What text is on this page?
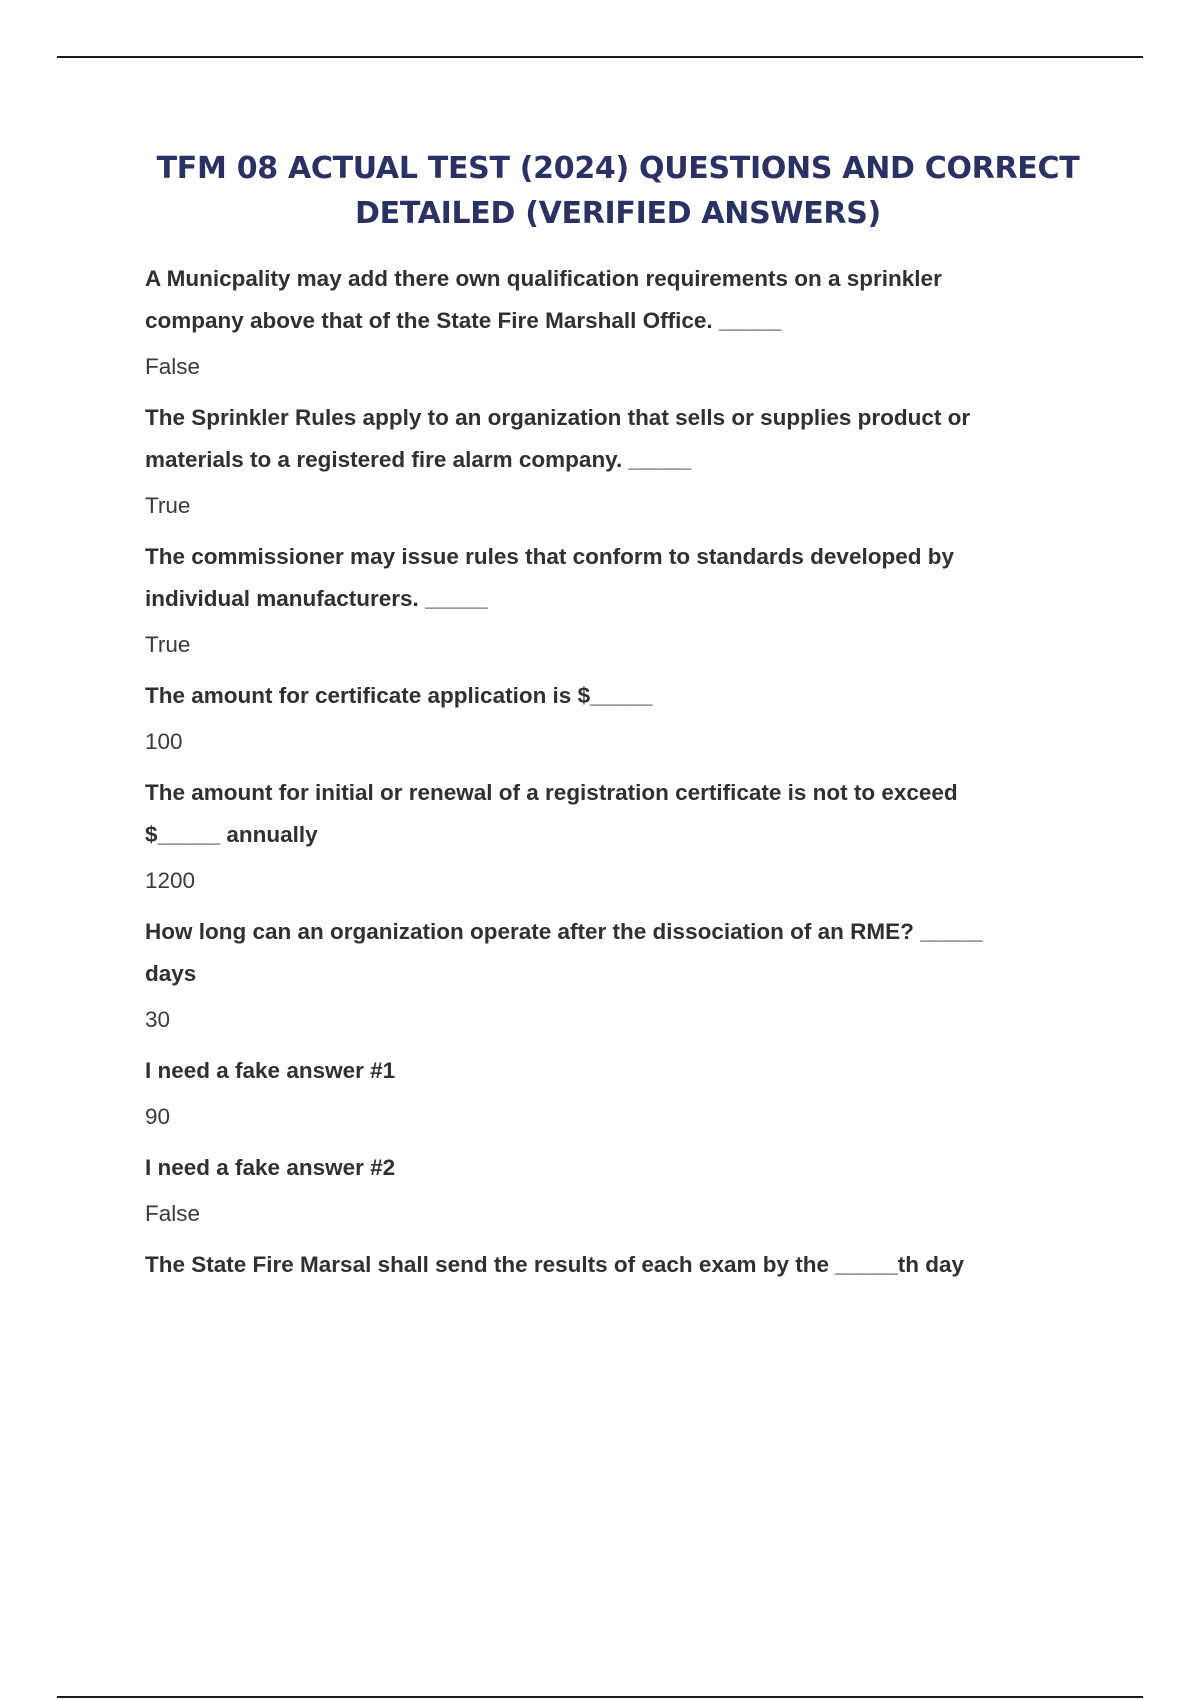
TFM 08 ACTUAL TEST (2024) QUESTIONS AND CORRECT
DETAILED (VERIFIED ANSWERS)
A Municpality may add there own qualification requirements on a sprinkler
company above that of the State Fire Marshall Office. _____
False
The Sprinkler Rules apply to an organization that sells or supplies product or
materials to a registered fire alarm company. _____
True
The commissioner may issue rules that conform to standards developed by
individual manufacturers. _____
True
The amount for certificate application is $_____
100
The amount for initial or renewal of a registration certificate is not to exceed
$_____ annually
1200
How long can an organization operate after the dissociation of an RME? _____
days
30
I need a fake answer #1
90
I need a fake answer #2
False
The State Fire Marsal shall send the results of each exam by the _____th day
